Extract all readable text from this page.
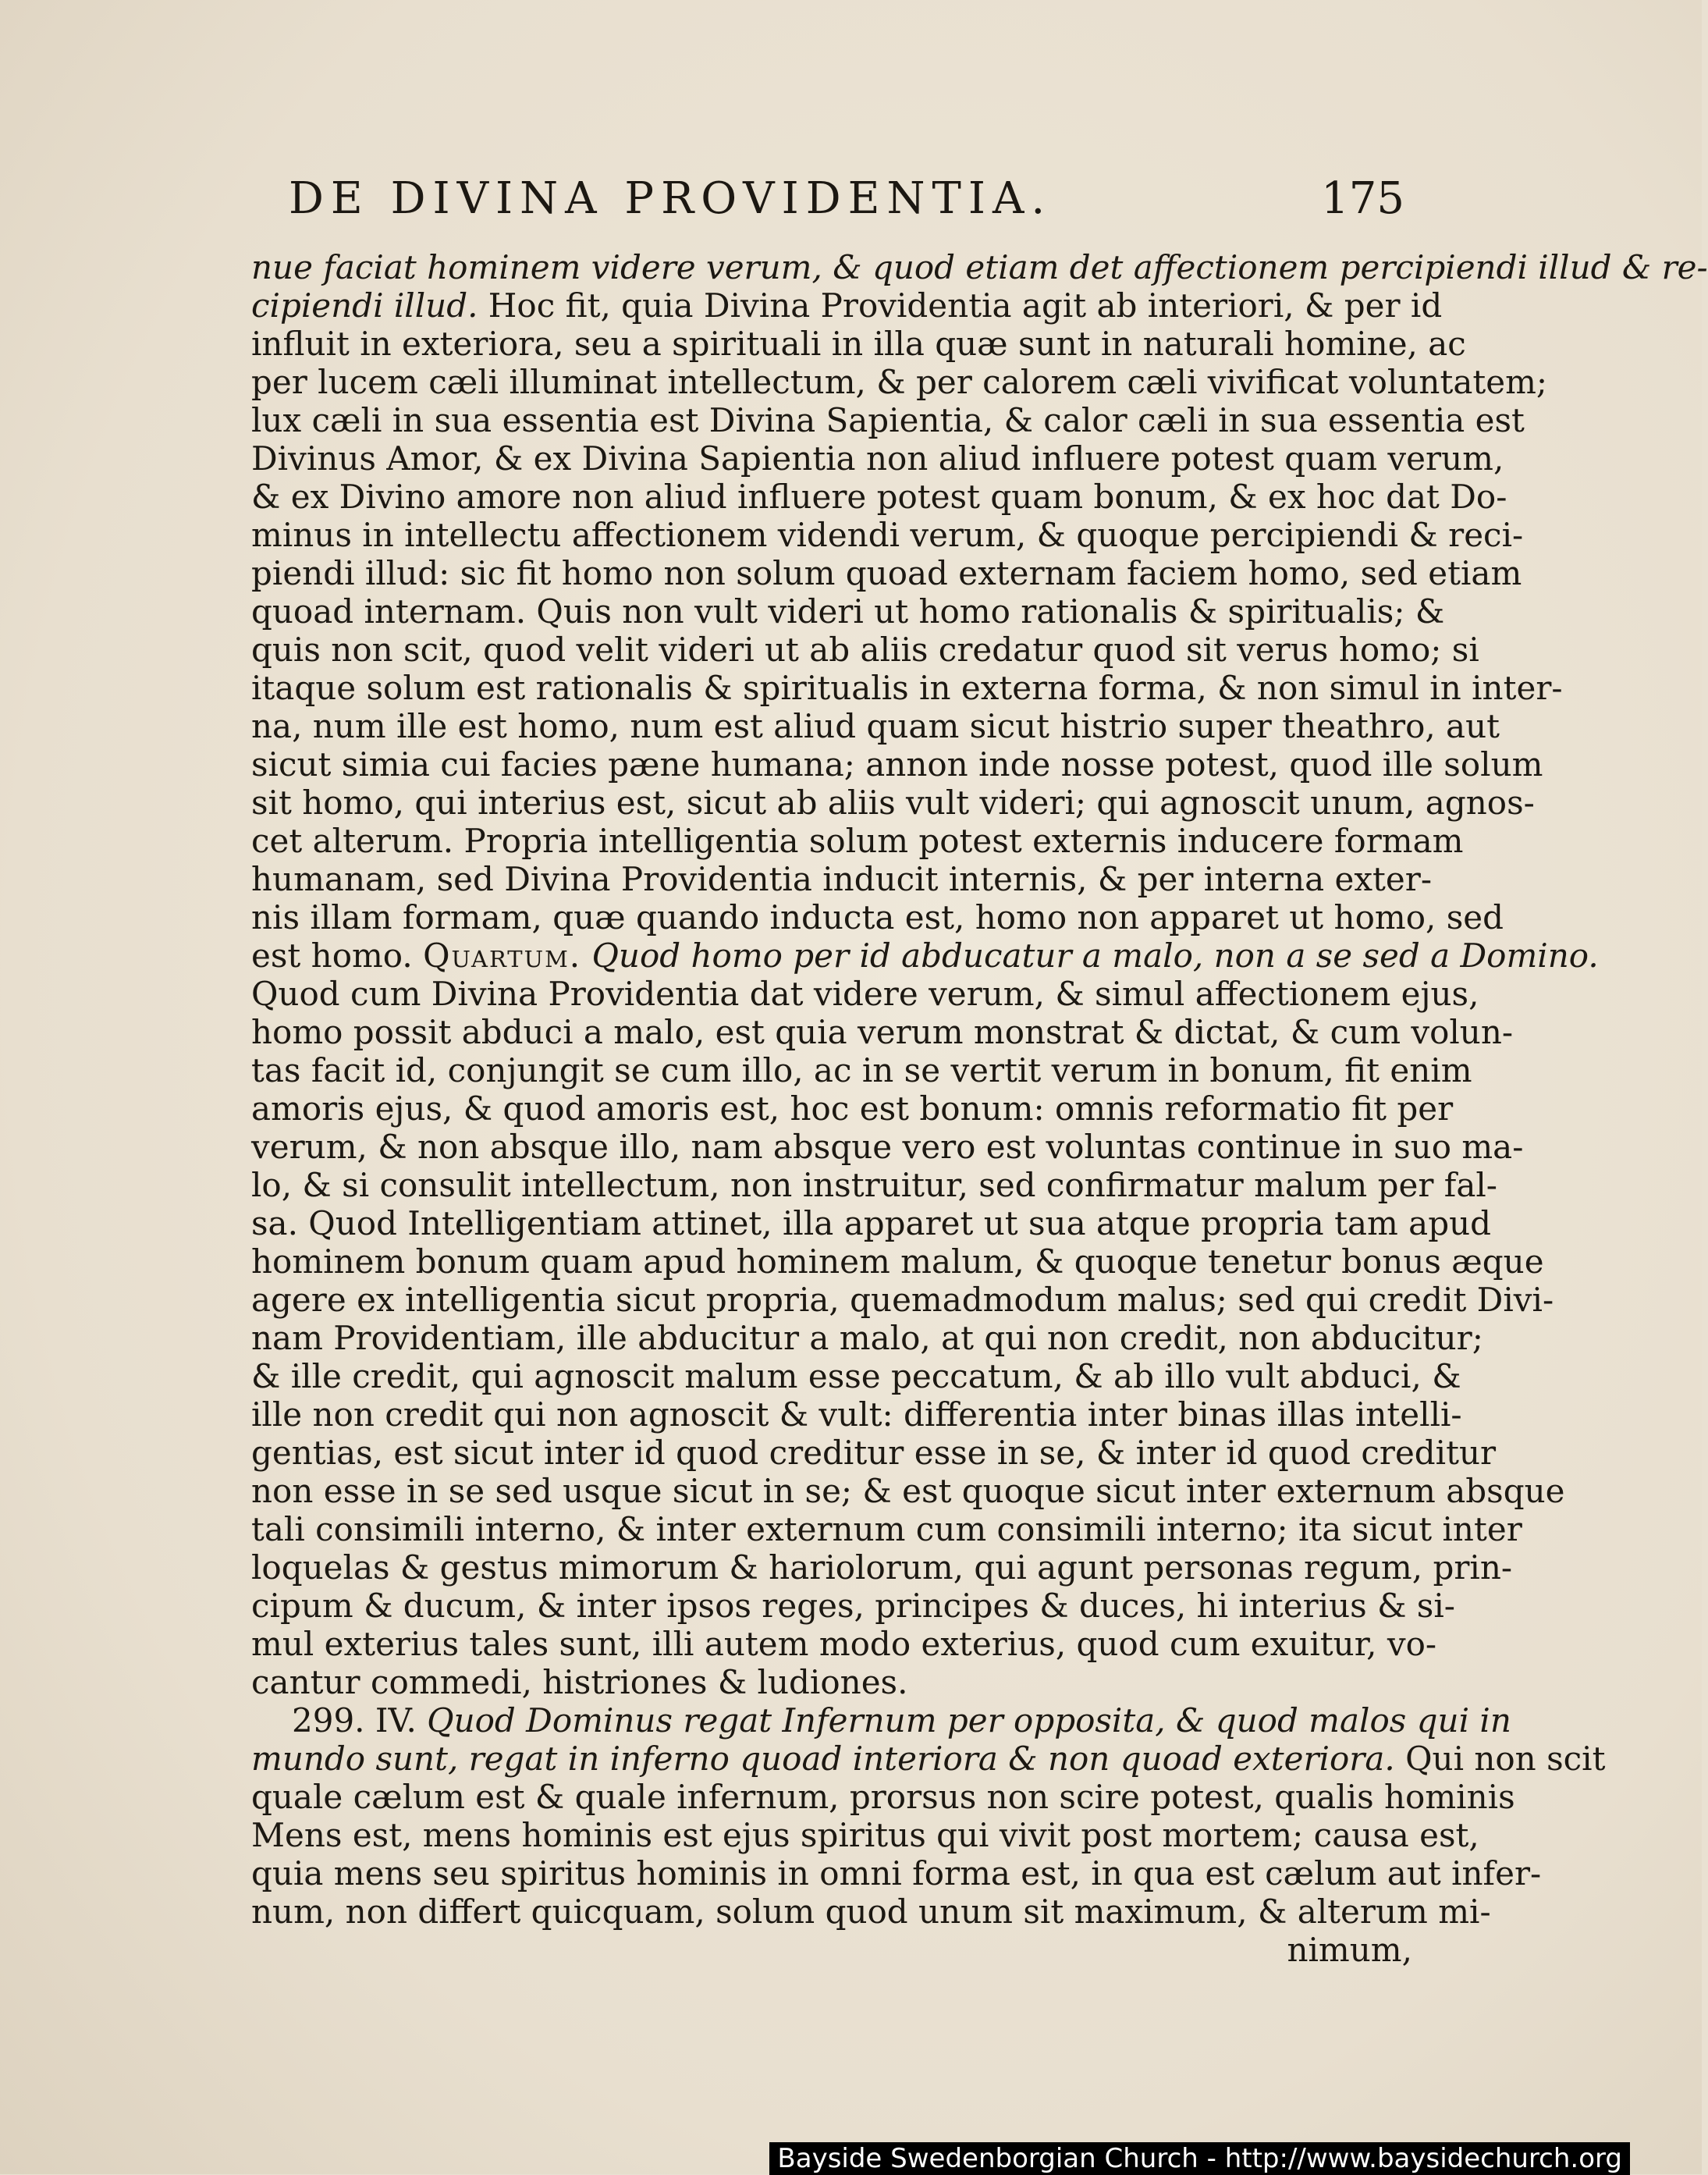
DE DIVINA PROVIDENTIA.	175
nue faciat hominem videre verum, & quod etiam det affectionem percipiendi illud & re-
cipiendi illud. Hoc fit, quia Divina Providentia agit ab interiori, & per id
influit in exteriora, seu a spirituali in illa quæ sunt in naturali homine, ac
per lucem cæli illuminat intellectum, & per calorem cæli vivificat voluntatem;
lux cæli in sua essentia est Divina Sapientia, & calor cæli in sua essentia est
Divinus Amor, & ex Divina Sapientia non aliud influere potest quam verum,
& ex Divino amore non aliud influere potest quam bonum, & ex hoc dat Do-
minus in intellectu affectionem videndi verum, & quoque percipiendi & reci-
piendi illud: sic fit homo non solum quoad externam faciem homo, sed etiam
quoad internam. Quis non vult videri ut homo rationalis & spiritualis; &
quis non scit, quod velit videri ut ab aliis credatur quod sit verus homo; si
itaque solum est rationalis & spiritualis in externa forma, & non simul in inter-
na, num ille est homo, num est aliud quam sicut histrio super theathro, aut
sicut simia cui facies pæne humana; annon inde nosse potest, quod ille solum
sit homo, qui interius est, sicut ab aliis vult videri; qui agnoscit unum, agnos-
cet alterum. Propria intelligentia solum potest externis inducere formam
humanam, sed Divina Providentia inducit internis, & per interna exter-
nis illam formam, quæ quando inducta est, homo non apparet ut homo, sed
est homo. Quartum. Quod homo per id abducatur a malo, non a se sed a Domino.
Quod cum Divina Providentia dat videre verum, & simul affectionem ejus,
homo possit abduci a malo, est quia verum monstrat & dictat, & cum volun-
tas facit id, conjungit se cum illo, ac in se vertit verum in bonum, fit enim
amoris ejus, & quod amoris est, hoc est bonum: omnis reformatio fit per
verum, & non absque illo, nam absque vero est voluntas continue in suo ma-
lo, & si consulit intellectum, non instruitur, sed confirmatur malum per fal-
sa. Quod Intelligentiam attinet, illa apparet ut sua atque propria tam apud
hominem bonum quam apud hominem malum, & quoque tenetur bonus æque
agere ex intelligentia sicut propria, quemadmodum malus; sed qui credit Divi-
nam Providentiam, ille abducitur a malo, at qui non credit, non abducitur;
& ille credit, qui agnoscit malum esse peccatum, & ab illo vult abduci, &
ille non credit qui non agnoscit & vult: differentia inter binas illas intelli-
gentias, est sicut inter id quod creditur esse in se, & inter id quod creditur
non esse in se sed usque sicut in se; & est quoque sicut inter externum absque
tali consimili interno, & inter externum cum consimili interno; ita sicut inter
loquelas & gestus mimorum & hariolorum, qui agunt personas regum, prin-
cipum & ducum, & inter ipsos reges, principes & duces, hi interius & si-
mul exterius tales sunt, illi autem modo exterius, quod cum exuitur, vo-
cantur commedi, histriones & ludiones.
299. IV. Quod Dominus regat Infernum per opposita, & quod malos qui in
mundo sunt, regat in inferno quoad interiora & non quoad exteriora. Qui non scit
quale cælum est & quale infernum, prorsus non scire potest, qualis hominis
Mens est, mens hominis est ejus spiritus qui vivit post mortem; causa est,
quia mens seu spiritus hominis in omni forma est, in qua est cælum aut infer-
num, non differt quicquam, solum quod unum sit maximum, & alterum mi-
nimum,
Bayside Swedenborgian Church - http://www.baysidechurch.org
